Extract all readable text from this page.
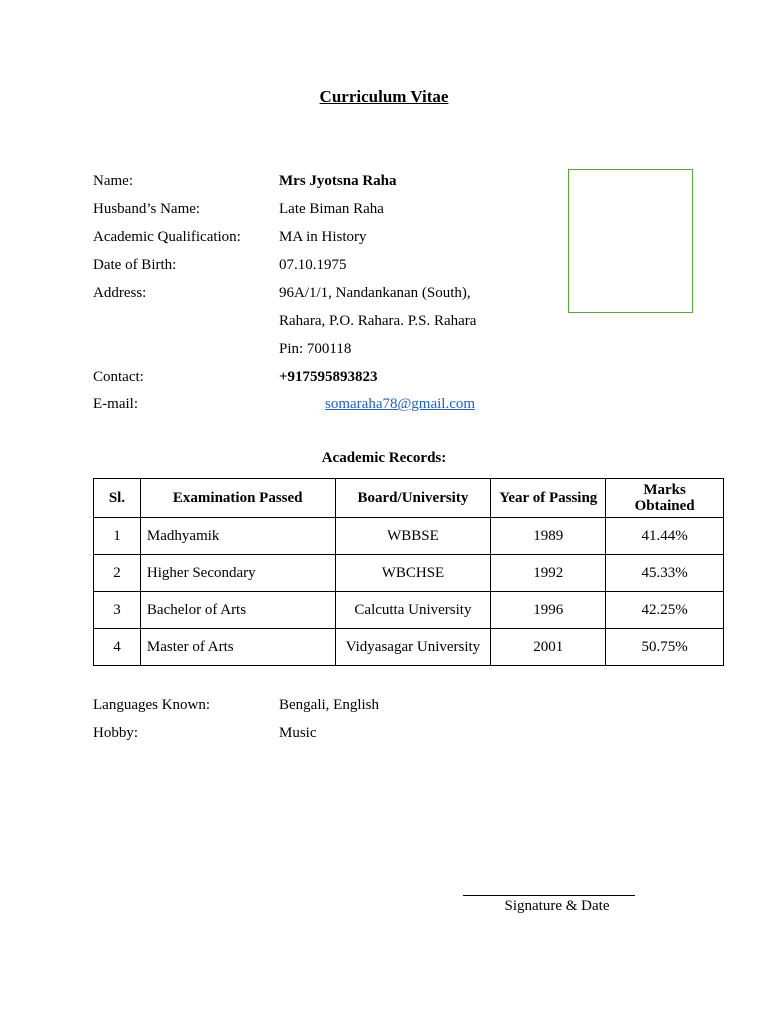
Curriculum Vitae
Name:	Mrs Jyotsna Raha
Husband’s Name:	Late Biman Raha
Academic Qualification:	MA in History
Date of Birth:	07.10.1975
Address:	96A/1/1, Nandankanan (South),
Rahara, P.O. Rahara. P.S. Rahara
Pin: 700118
Contact:	+917595893823
E-mail:	somaraha78@gmail.com
Academic Records:
Sl.	Examination Passed	Board/University	Year of Passing	Marks Obtained
1	Madhyamik	WBBSE	1989	41.44%
2	Higher Secondary	WBCHSE	1992	45.33%
3	Bachelor of Arts	Calcutta University	1996	42.25%
4	Master of Arts	Vidyasagar University	2001	50.75%
Languages Known:	Bengali, English
Hobby:	Music
Signature & Date
